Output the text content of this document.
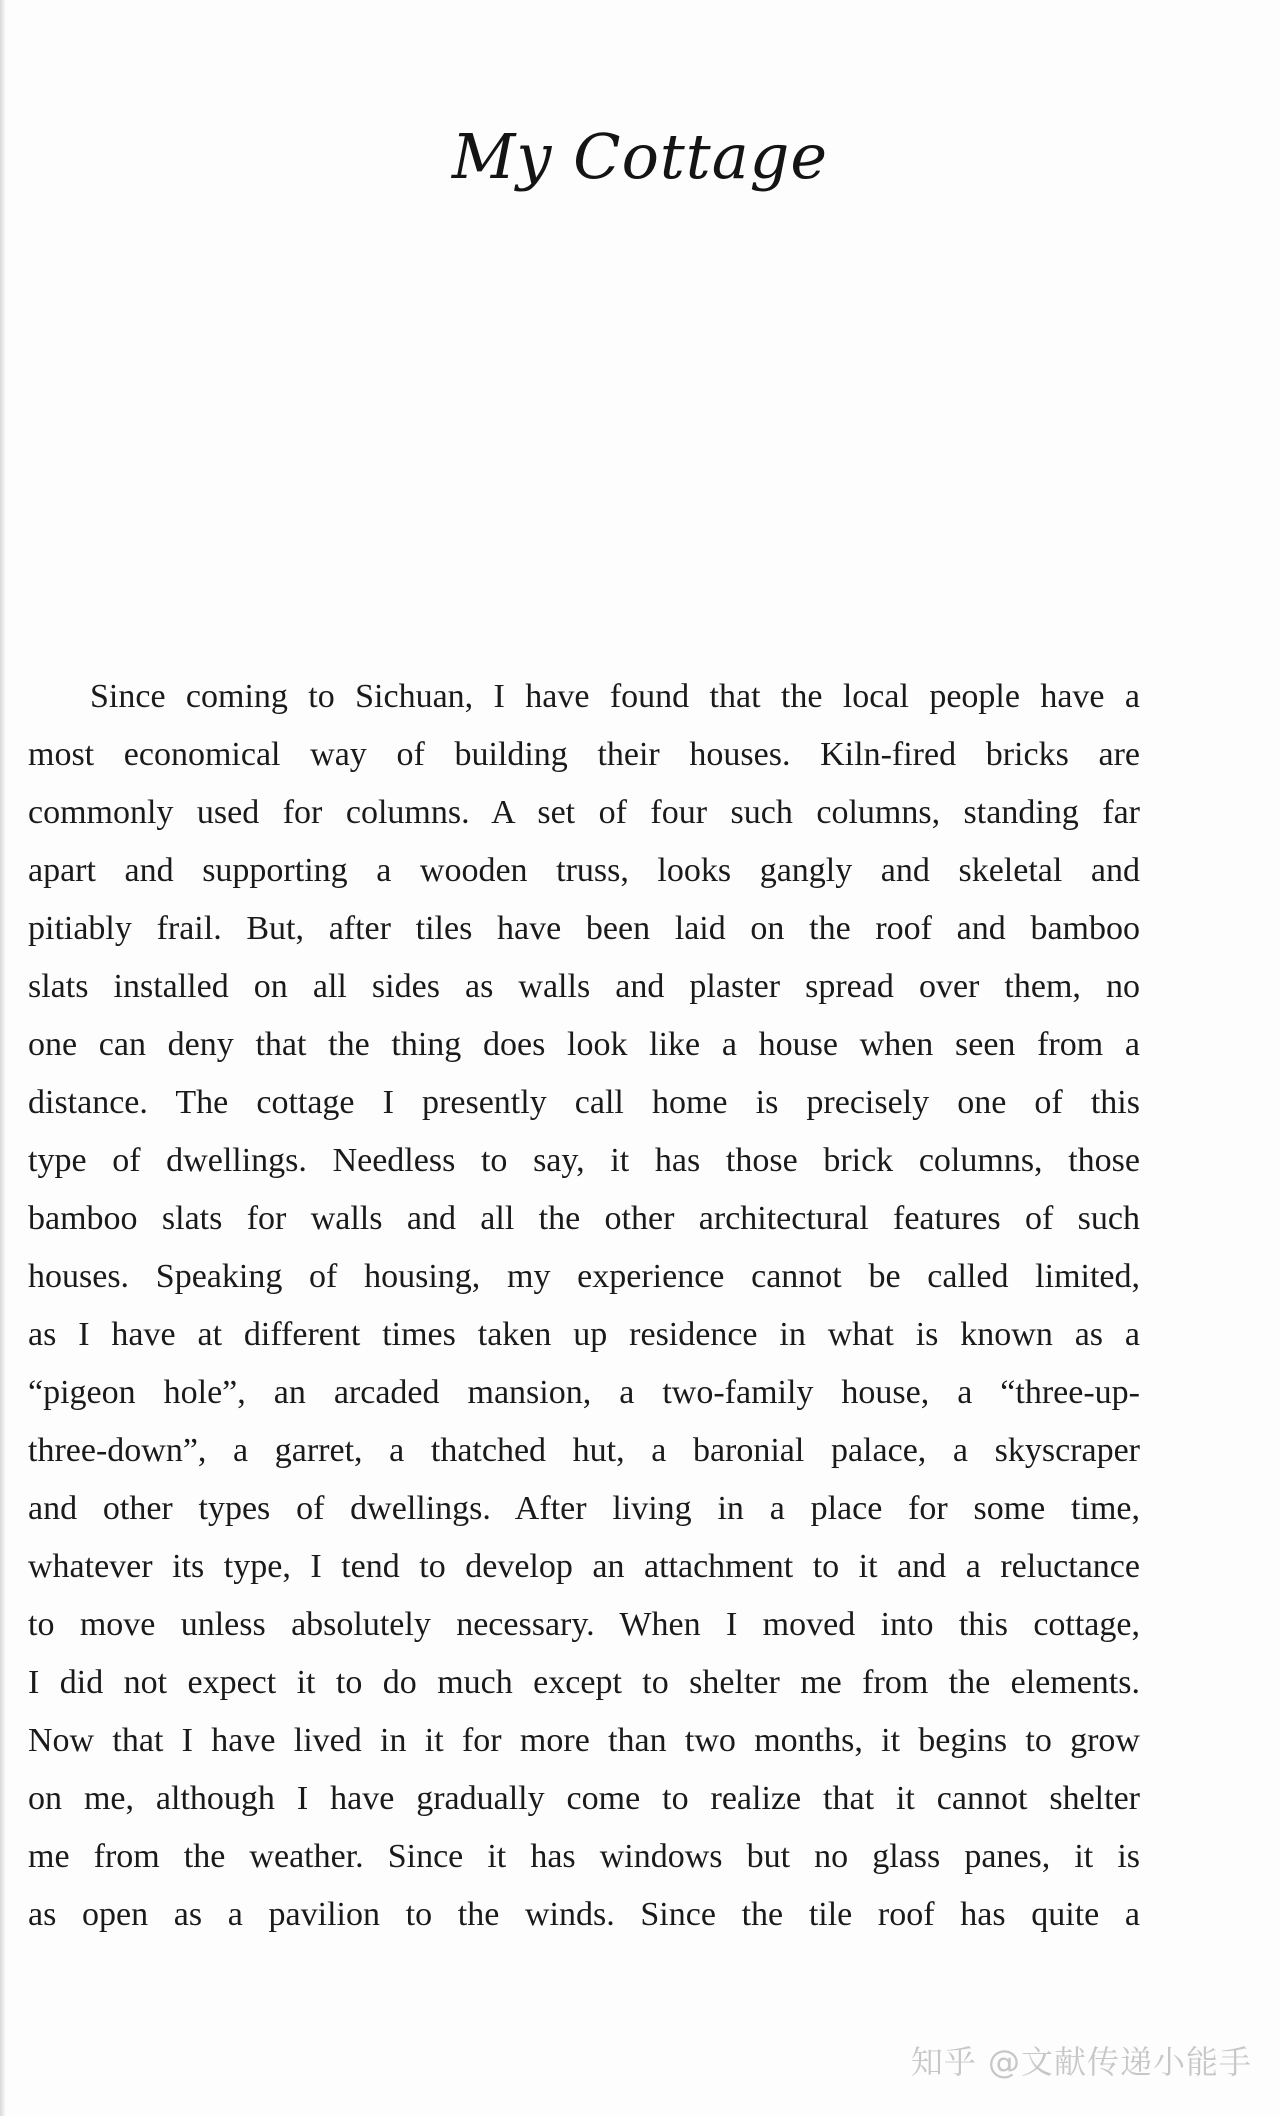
My Cottage
Since coming to Sichuan, I have found that the local people have a
most economical way of building their houses. Kiln-fired bricks are
commonly used for columns. A set of four such columns, standing far
apart and supporting a wooden truss, looks gangly and skeletal and
pitiably frail. But, after tiles have been laid on the roof and bamboo
slats installed on all sides as walls and plaster spread over them, no
one can deny that the thing does look like a house when seen from a
distance. The cottage I presently call home is precisely one of this
type of dwellings. Needless to say, it has those brick columns, those
bamboo slats for walls and all the other architectural features of such
houses. Speaking of housing, my experience cannot be called limited,
as I have at different times taken up residence in what is known as a
“pigeon hole”, an arcaded mansion, a two-family house, a “three-up-
three-down”, a garret, a thatched hut, a baronial palace, a skyscraper
and other types of dwellings. After living in a place for some time,
whatever its type, I tend to develop an attachment to it and a reluctance
to move unless absolutely necessary. When I moved into this cottage,
I did not expect it to do much except to shelter me from the elements.
Now that I have lived in it for more than two months, it begins to grow
on me, although I have gradually come to realize that it cannot shelter
me from the weather. Since it has windows but no glass panes, it is
as open as a pavilion to the winds. Since the tile roof has quite a
知乎 @文献传递小能手
